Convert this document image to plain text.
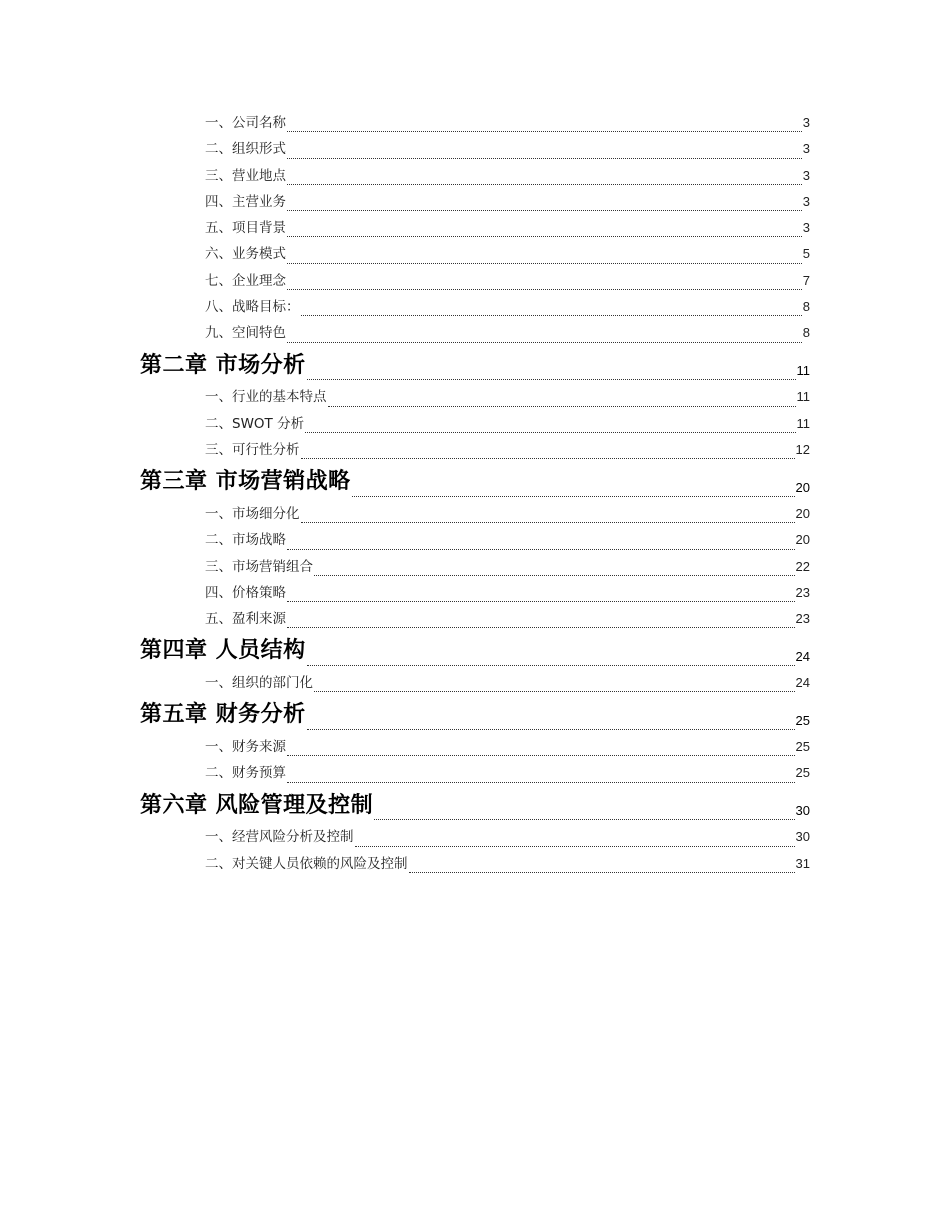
一、公司名称	3
二、组织形式	3
三、营业地点	3
四、主营业务	3
五、项目背景	3
六、业务模式	5
七、企业理念	7
八、战略目标：	8
九、空间特色	8
第二章 市场分析	11
一、行业的基本特点	11
二、SWOT 分析	11
三、可行性分析	12
第三章 市场营销战略	20
一、市场细分化	20
二、市场战略	20
三、市场营销组合	22
四、价格策略	23
五、盈利来源	23
第四章 人员结构	24
一、组织的部门化	24
第五章 财务分析	25
一、财务来源	25
二、财务预算	25
第六章 风险管理及控制	30
一、经营风险分析及控制	30
二、对关键人员依赖的风险及控制	31
